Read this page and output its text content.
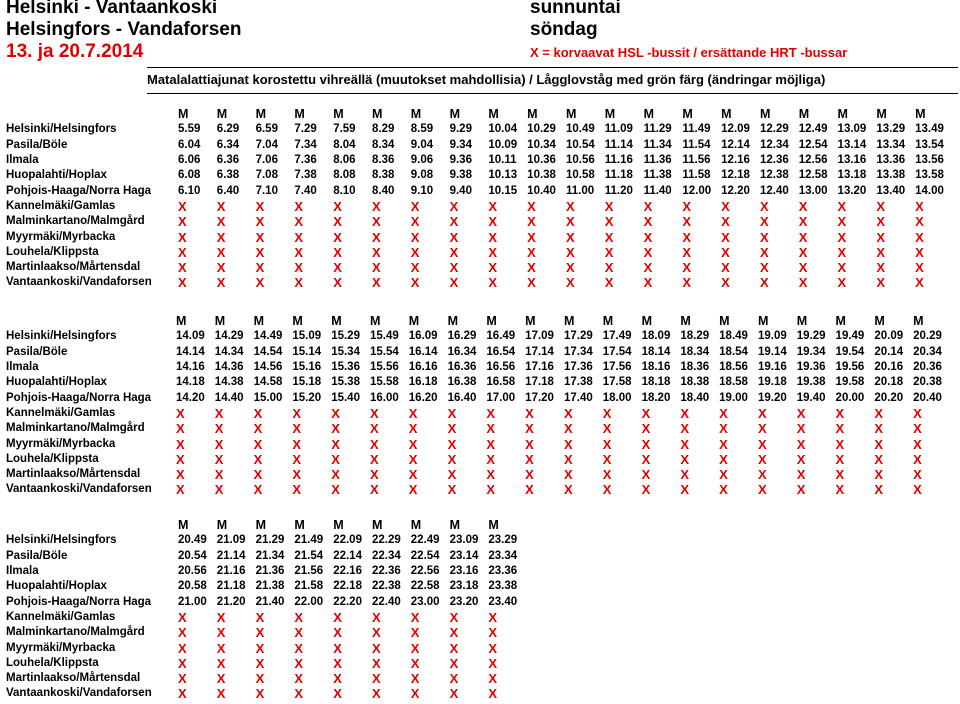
Helsinki - Vantaankoski
Helsingfors - Vandaforsen
13. ja 20.7.2014
sunnuntai
söndag
X = korvaavat HSL -bussit / ersättande HRT -bussar
Matalalattiajunat korostettu vihreällä (muutokset mahdollisia) / Lågglovståg med grön färg (ändringar möjliga)
	M	M	M	M	M	M	M	M	M	M	M	M	M	M	M	M	M	M	M	M
Helsinki/Helsingfors	5.59	6.29	6.59	7.29	7.59	8.29	8.59	9.29	10.04	10.29	10.49	11.09	11.29	11.49	12.09	12.29	12.49	13.09	13.29	13.49
Pasila/Böle	6.04	6.34	7.04	7.34	8.04	8.34	9.04	9.34	10.09	10.34	10.54	11.14	11.34	11.54	12.14	12.34	12.54	13.14	13.34	13.54
Ilmala	6.06	6.36	7.06	7.36	8.06	8.36	9.06	9.36	10.11	10.36	10.56	11.16	11.36	11.56	12.16	12.36	12.56	13.16	13.36	13.56
Huopalahti/Hoplax	6.08	6.38	7.08	7.38	8.08	8.38	9.08	9.38	10.13	10.38	10.58	11.18	11.38	11.58	12.18	12.38	12.58	13.18	13.38	13.58
Pohjois-Haaga/Norra Haga	6.10	6.40	7.10	7.40	8.10	8.40	9.10	9.40	10.15	10.40	11.00	11.20	11.40	12.00	12.20	12.40	13.00	13.20	13.40	14.00
Kannelmäki/Gamlas	X	X	X	X	X	X	X	X	X	X	X	X	X	X	X	X	X	X	X	X
Malminkartano/Malmgård	X	X	X	X	X	X	X	X	X	X	X	X	X	X	X	X	X	X	X	X
Myyrmäki/Myrbacka	X	X	X	X	X	X	X	X	X	X	X	X	X	X	X	X	X	X	X	X
Louhela/Klippsta	X	X	X	X	X	X	X	X	X	X	X	X	X	X	X	X	X	X	X	X
Martinlaakso/Mårtensdal	X	X	X	X	X	X	X	X	X	X	X	X	X	X	X	X	X	X	X	X
Vantaankoski/Vandaforsen	X	X	X	X	X	X	X	X	X	X	X	X	X	X	X	X	X	X	X	X
	M	M	M	M	M	M	M	M	M	M	M	M	M	M	M	M	M	M	M	M
Helsinki/Helsingfors	14.09	14.29	14.49	15.09	15.29	15.49	16.09	16.29	16.49	17.09	17.29	17.49	18.09	18.29	18.49	19.09	19.29	19.49	20.09	20.29
Pasila/Böle	14.14	14.34	14.54	15.14	15.34	15.54	16.14	16.34	16.54	17.14	17.34	17.54	18.14	18.34	18.54	19.14	19.34	19.54	20.14	20.34
Ilmala	14.16	14.36	14.56	15.16	15.36	15.56	16.16	16.36	16.56	17.16	17.36	17.56	18.16	18.36	18.56	19.16	19.36	19.56	20.16	20.36
Huopalahti/Hoplax	14.18	14.38	14.58	15.18	15.38	15.58	16.18	16.38	16.58	17.18	17.38	17.58	18.18	18.38	18.58	19.18	19.38	19.58	20.18	20.38
Pohjois-Haaga/Norra Haga	14.20	14.40	15.00	15.20	15.40	16.00	16.20	16.40	17.00	17.20	17.40	18.00	18.20	18.40	19.00	19.20	19.40	20.00	20.20	20.40
Kannelmäki/Gamlas	X	X	X	X	X	X	X	X	X	X	X	X	X	X	X	X	X	X	X	X
Malminkartano/Malmgård	X	X	X	X	X	X	X	X	X	X	X	X	X	X	X	X	X	X	X	X
Myyrmäki/Myrbacka	X	X	X	X	X	X	X	X	X	X	X	X	X	X	X	X	X	X	X	X
Louhela/Klippsta	X	X	X	X	X	X	X	X	X	X	X	X	X	X	X	X	X	X	X	X
Martinlaakso/Mårtensdal	X	X	X	X	X	X	X	X	X	X	X	X	X	X	X	X	X	X	X	X
Vantaankoski/Vandaforsen	X	X	X	X	X	X	X	X	X	X	X	X	X	X	X	X	X	X	X	X
	M	M	M	M	M	M	M	M	M
Helsinki/Helsingfors	20.49	21.09	21.29	21.49	22.09	22.29	22.49	23.09	23.29
Pasila/Böle	20.54	21.14	21.34	21.54	22.14	22.34	22.54	23.14	23.34
Ilmala	20.56	21.16	21.36	21.56	22.16	22.36	22.56	23.16	23.36
Huopalahti/Hoplax	20.58	21.18	21.38	21.58	22.18	22.38	22.58	23.18	23.38
Pohjois-Haaga/Norra Haga	21.00	21.20	21.40	22.00	22.20	22.40	23.00	23.20	23.40
Kannelmäki/Gamlas	X	X	X	X	X	X	X	X	X
Malminkartano/Malmgård	X	X	X	X	X	X	X	X	X
Myyrmäki/Myrbacka	X	X	X	X	X	X	X	X	X
Louhela/Klippsta	X	X	X	X	X	X	X	X	X
Martinlaakso/Mårtensdal	X	X	X	X	X	X	X	X	X
Vantaankoski/Vandaforsen	X	X	X	X	X	X	X	X	X
